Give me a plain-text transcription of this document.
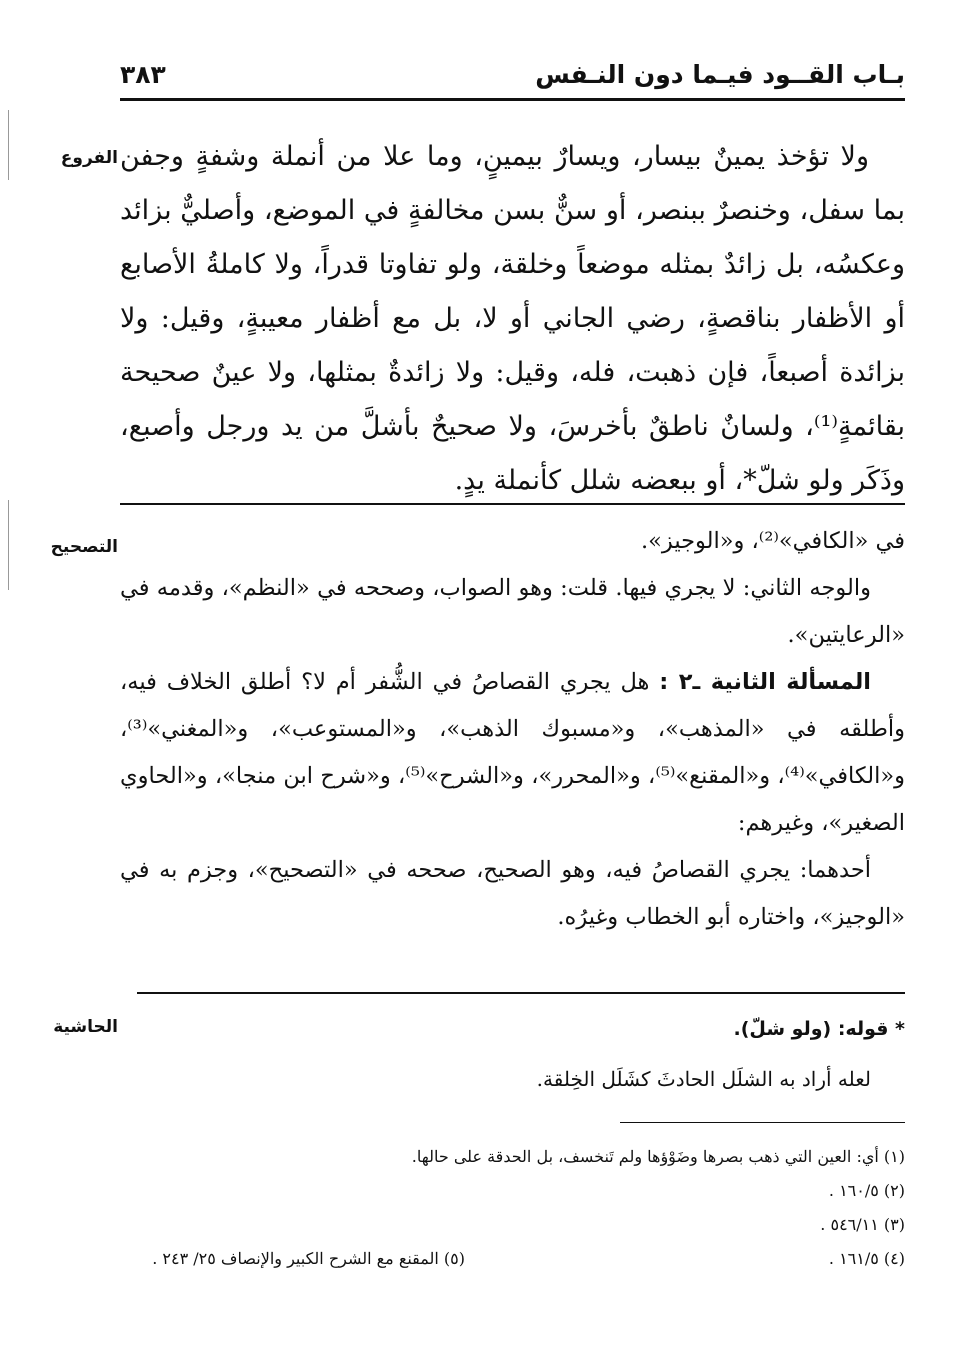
بـاب القــود فيـما دون النـفس
٣٨٣
الفروع ولا تؤخذ يمينٌ بيسار، ويسارٌ بيمينٍ، وما علا من أنملة وشفةٍ وجفن بما سفل، وخنصرٌ ببنصر، أو سنٌّ بسن مخالفةٍ في الموضع، وأصليٌّ بزائد وعكسُه، بل زائدٌ بمثله موضعاً وخلقة، ولو تفاوتا قدراً، ولا كاملةُ الأصابع أو الأظفار بناقصةٍ، رضي الجاني أو لا، بل مع أظفار معيبةٍ، وقيل: ولا بزائدة أصبعاً، فإن ذهبت، فله، وقيل: ولا زائدةٌ بمثلها، ولا عينٌ صحيحة بقائمةٍ⁽¹⁾، ولسانٌ ناطقٌ بأخرسَ، ولا صحيحٌ بأشلَّ من يد ورجل وأصبع، وذَكَر ولو شلّ*، أو ببعضه شلل كأنملة يدٍ.

التصحيح	في «الكافي»⁽²⁾، و«الوجيز».

والوجه الثاني: لا يجري فيها. قلت: وهو الصواب، وصححه في «النظم»، وقدمه في «الرعايتين».

المسألة الثانية ـ٢ : هل يجري القصاصُ في الشُّفر أم لا؟ أطلق الخلاف فيه، وأطلقه في «المذهب»، و«مسبوك الذهب»، و«المستوعب»، و«المغني»⁽³⁾، و«الكافي»⁽⁴⁾، و«المقنع»⁽⁵⁾، و«المحرر»، و«الشرح»⁽⁵⁾، و«شرح ابن منجا»، و«الحاوي الصغير»، وغيرهم:

أحدهما: يجري القصاصُ فيه، وهو الصحيح، صححه في «التصحيح»، وجزم به في «الوجيز»، واختاره أبو الخطاب وغيرُه.

الحاشية	* قوله: (ولو شلّ).

لعله أراد به الشلَل الحادثَ كشَلَل الخِلقة.

(١) أي: العين التي ذهب بصرها وضَوْؤها ولم تَنخسف، بل الحدقة على حالها.

(٢) ١٦٠/٥ .

(٣) ٥٤٦/١١ .

(٤) ١٦١/٥ .
(٥) المقنع مع الشرح الكبير والإنصاف ٢٥/ ٢٤٣ .
